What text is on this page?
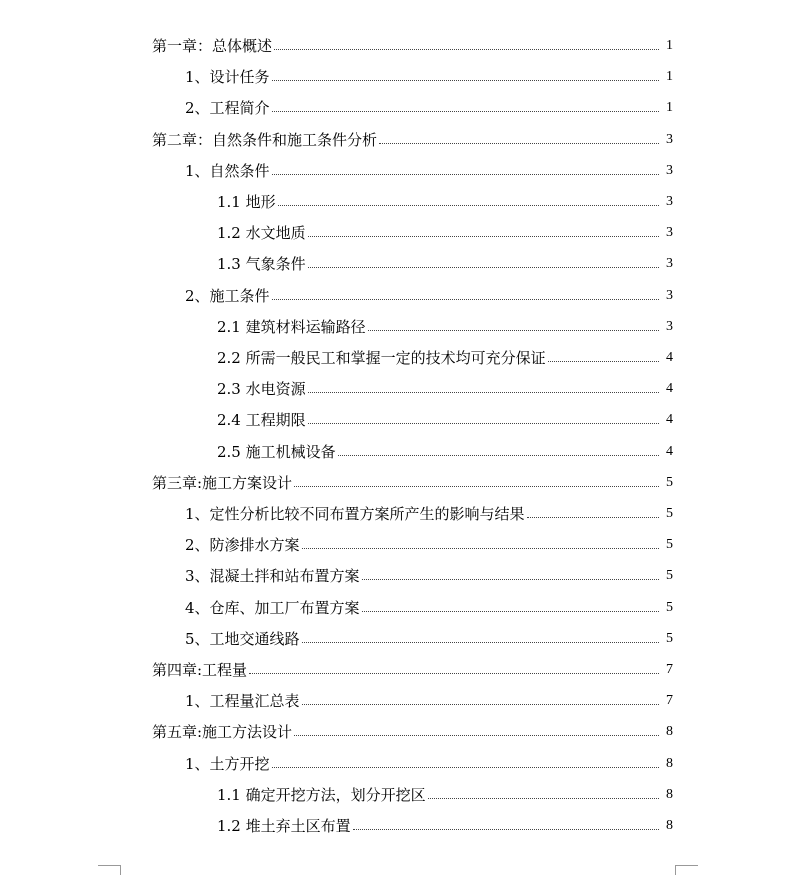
第一章：总体概述	1
1、设计任务	1
2、工程简介	1
第二章：自然条件和施工条件分析	3
1、自然条件	3
1.1 地形	3
1.2 水文地质	3
1.3 气象条件	3
2、施工条件	3
2.1 建筑材料运输路径	3
2.2 所需一般民工和掌握一定的技术均可充分保证	4
2.3 水电资源	4
2.4 工程期限	4
2.5 施工机械设备	4
第三章:施工方案设计	5
1、定性分析比较不同布置方案所产生的影响与结果	5
2、防渗排水方案	5
3、混凝土拌和站布置方案	5
4、仓库、加工厂布置方案	5
5、工地交通线路	5
第四章:工程量	7
1、工程量汇总表	7
第五章:施工方法设计	8
1、土方开挖	8
1.1 确定开挖方法，划分开挖区	8
1.2 堆土弃土区布置	8
